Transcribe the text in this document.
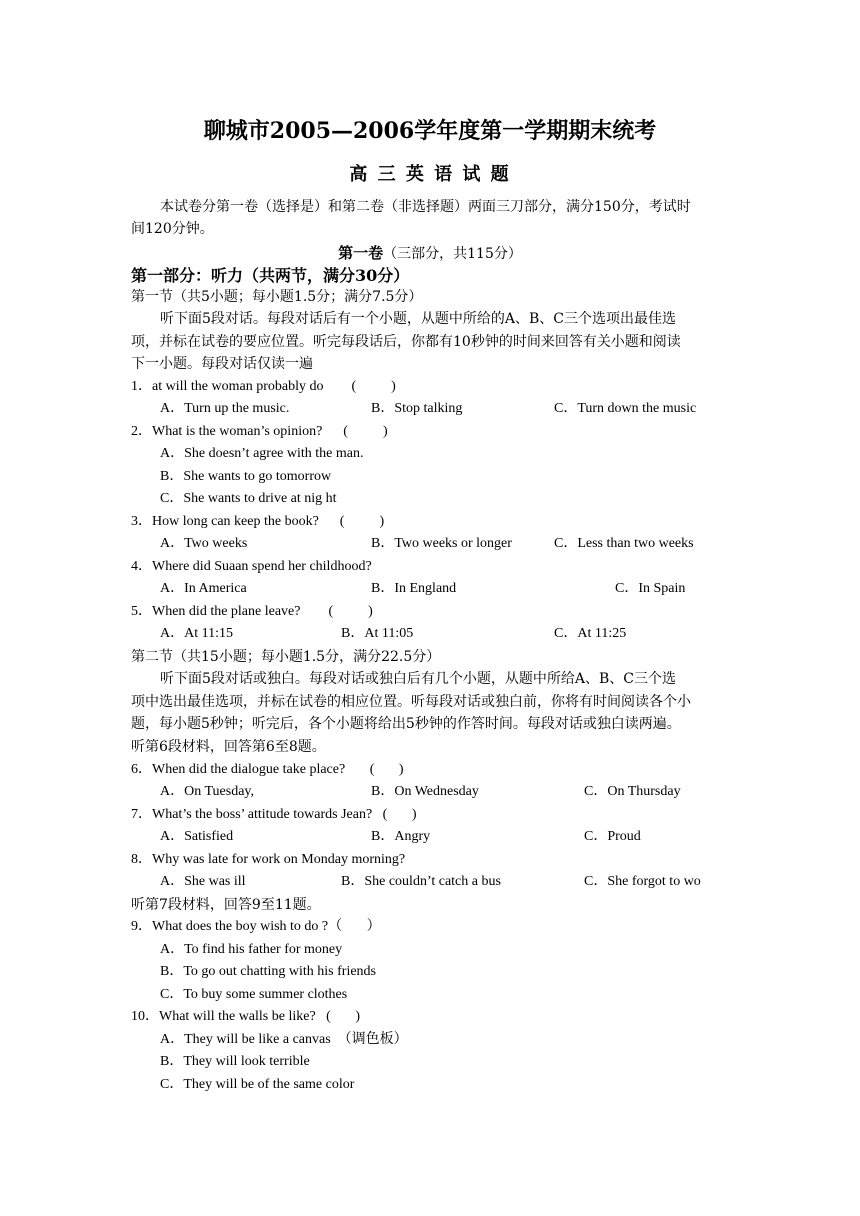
聊城市2005—2006学年度第一学期期末统考
高 三 英 语 试 题
本试卷分第一卷（选择是）和第二卷（非选择题）两面三刀部分，满分150分，考试时
间120分钟。
第一卷（三部分，共115分）
第一部分：听力（共两节，满分30分）
第一节（共5小题；每小题1.5分；满分7.5分）
听下面5段对话。每段对话后有一个小题，从题中所给的A、B、C三个选项出最佳选
项，并标在试卷的要应位置。听完每段话后，你都有10秒钟的时间来回答有关小题和阅读
下一小题。每段对话仅读一遍
1．at will the woman probably do        (          )
A．Turn up the music.	B．Stop talking	C．Turn down the music
2．What is the woman’s opinion?      (          )
A．She doesn’t agree with the man.
B．She wants to go tomorrow
C．She wants to drive at nig ht
3．How long can keep the book?      (          )
A．Two weeks	B．Two weeks or longer	C．Less than two weeks
4．Where did Suaan spend her childhood?
A．In America	B．In England	C．In Spain
5．When did the plane leave?        (          )
A．At 11:15	B．At 11:05	C．At 11:25
第二节（共15小题；每小题1.5分，满分22.5分）
听下面5段对话或独白。每段对话或独白后有几个小题，从题中所给A、B、C三个选
项中选出最佳选项，并标在试卷的相应位置。听每段对话或独白前，你将有时间阅读各个小
题，每小题5秒钟；听完后，各个小题将给出5秒钟的作答时间。每段对话或独白读两遍。
听第6段材料，回答第6至8题。
6．When did the dialogue take place?       (       )
A．On Tuesday,	B．On Wednesday	C．On Thursday
7．What’s the boss’ attitude towards Jean?   (       )
A．Satisfied	B．Angry	C．Proud
8．Why was late for work on Monday morning?
A．She was ill	B．She couldn’t catch a bus	C．She forgot to wo
听第7段材料，回答9至11题。
9．What does the boy wish to do ?（       ）
A．To find his father for money
B．To go out chatting with his friends
C．To buy some summer clothes
10．What will the walls be like?   (       )
A．They will be like a canvas  （调色板）
B．They will look terrible
C．They will be of the same color
